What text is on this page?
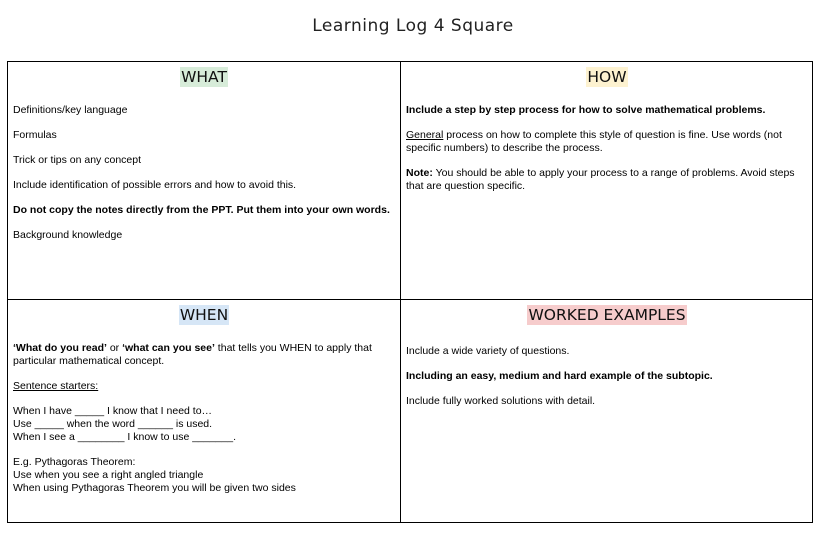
Learning Log 4 Square
WHAT

Definitions/key language

Formulas

Trick or tips on any concept

Include identification of possible errors and how to avoid this.

Do not copy the notes directly from the PPT. Put them into your own words.

Background knowledge

HOW

Include a step by step process for how to solve mathematical problems.

General process on how to complete this style of question is fine. Use words (not specific numbers) to describe the process.

Note: You should be able to apply your process to a range of problems. Avoid steps that are question specific.

WHEN

‘What do you read’ or ‘what can you see’ that tells you WHEN to apply that particular mathematical concept.

Sentence starters:

When I have _____ I know that I need to…

Use _____ when the word ______ is used.

When I see a ________ I know to use _______.

E.g. Pythagoras Theorem:

Use when you see a right angled triangle

When using Pythagoras Theorem you will be given two sides

WORKED EXAMPLES

Include a wide variety of questions.

Including an easy, medium and hard example of the subtopic.

Include fully worked solutions with detail.
